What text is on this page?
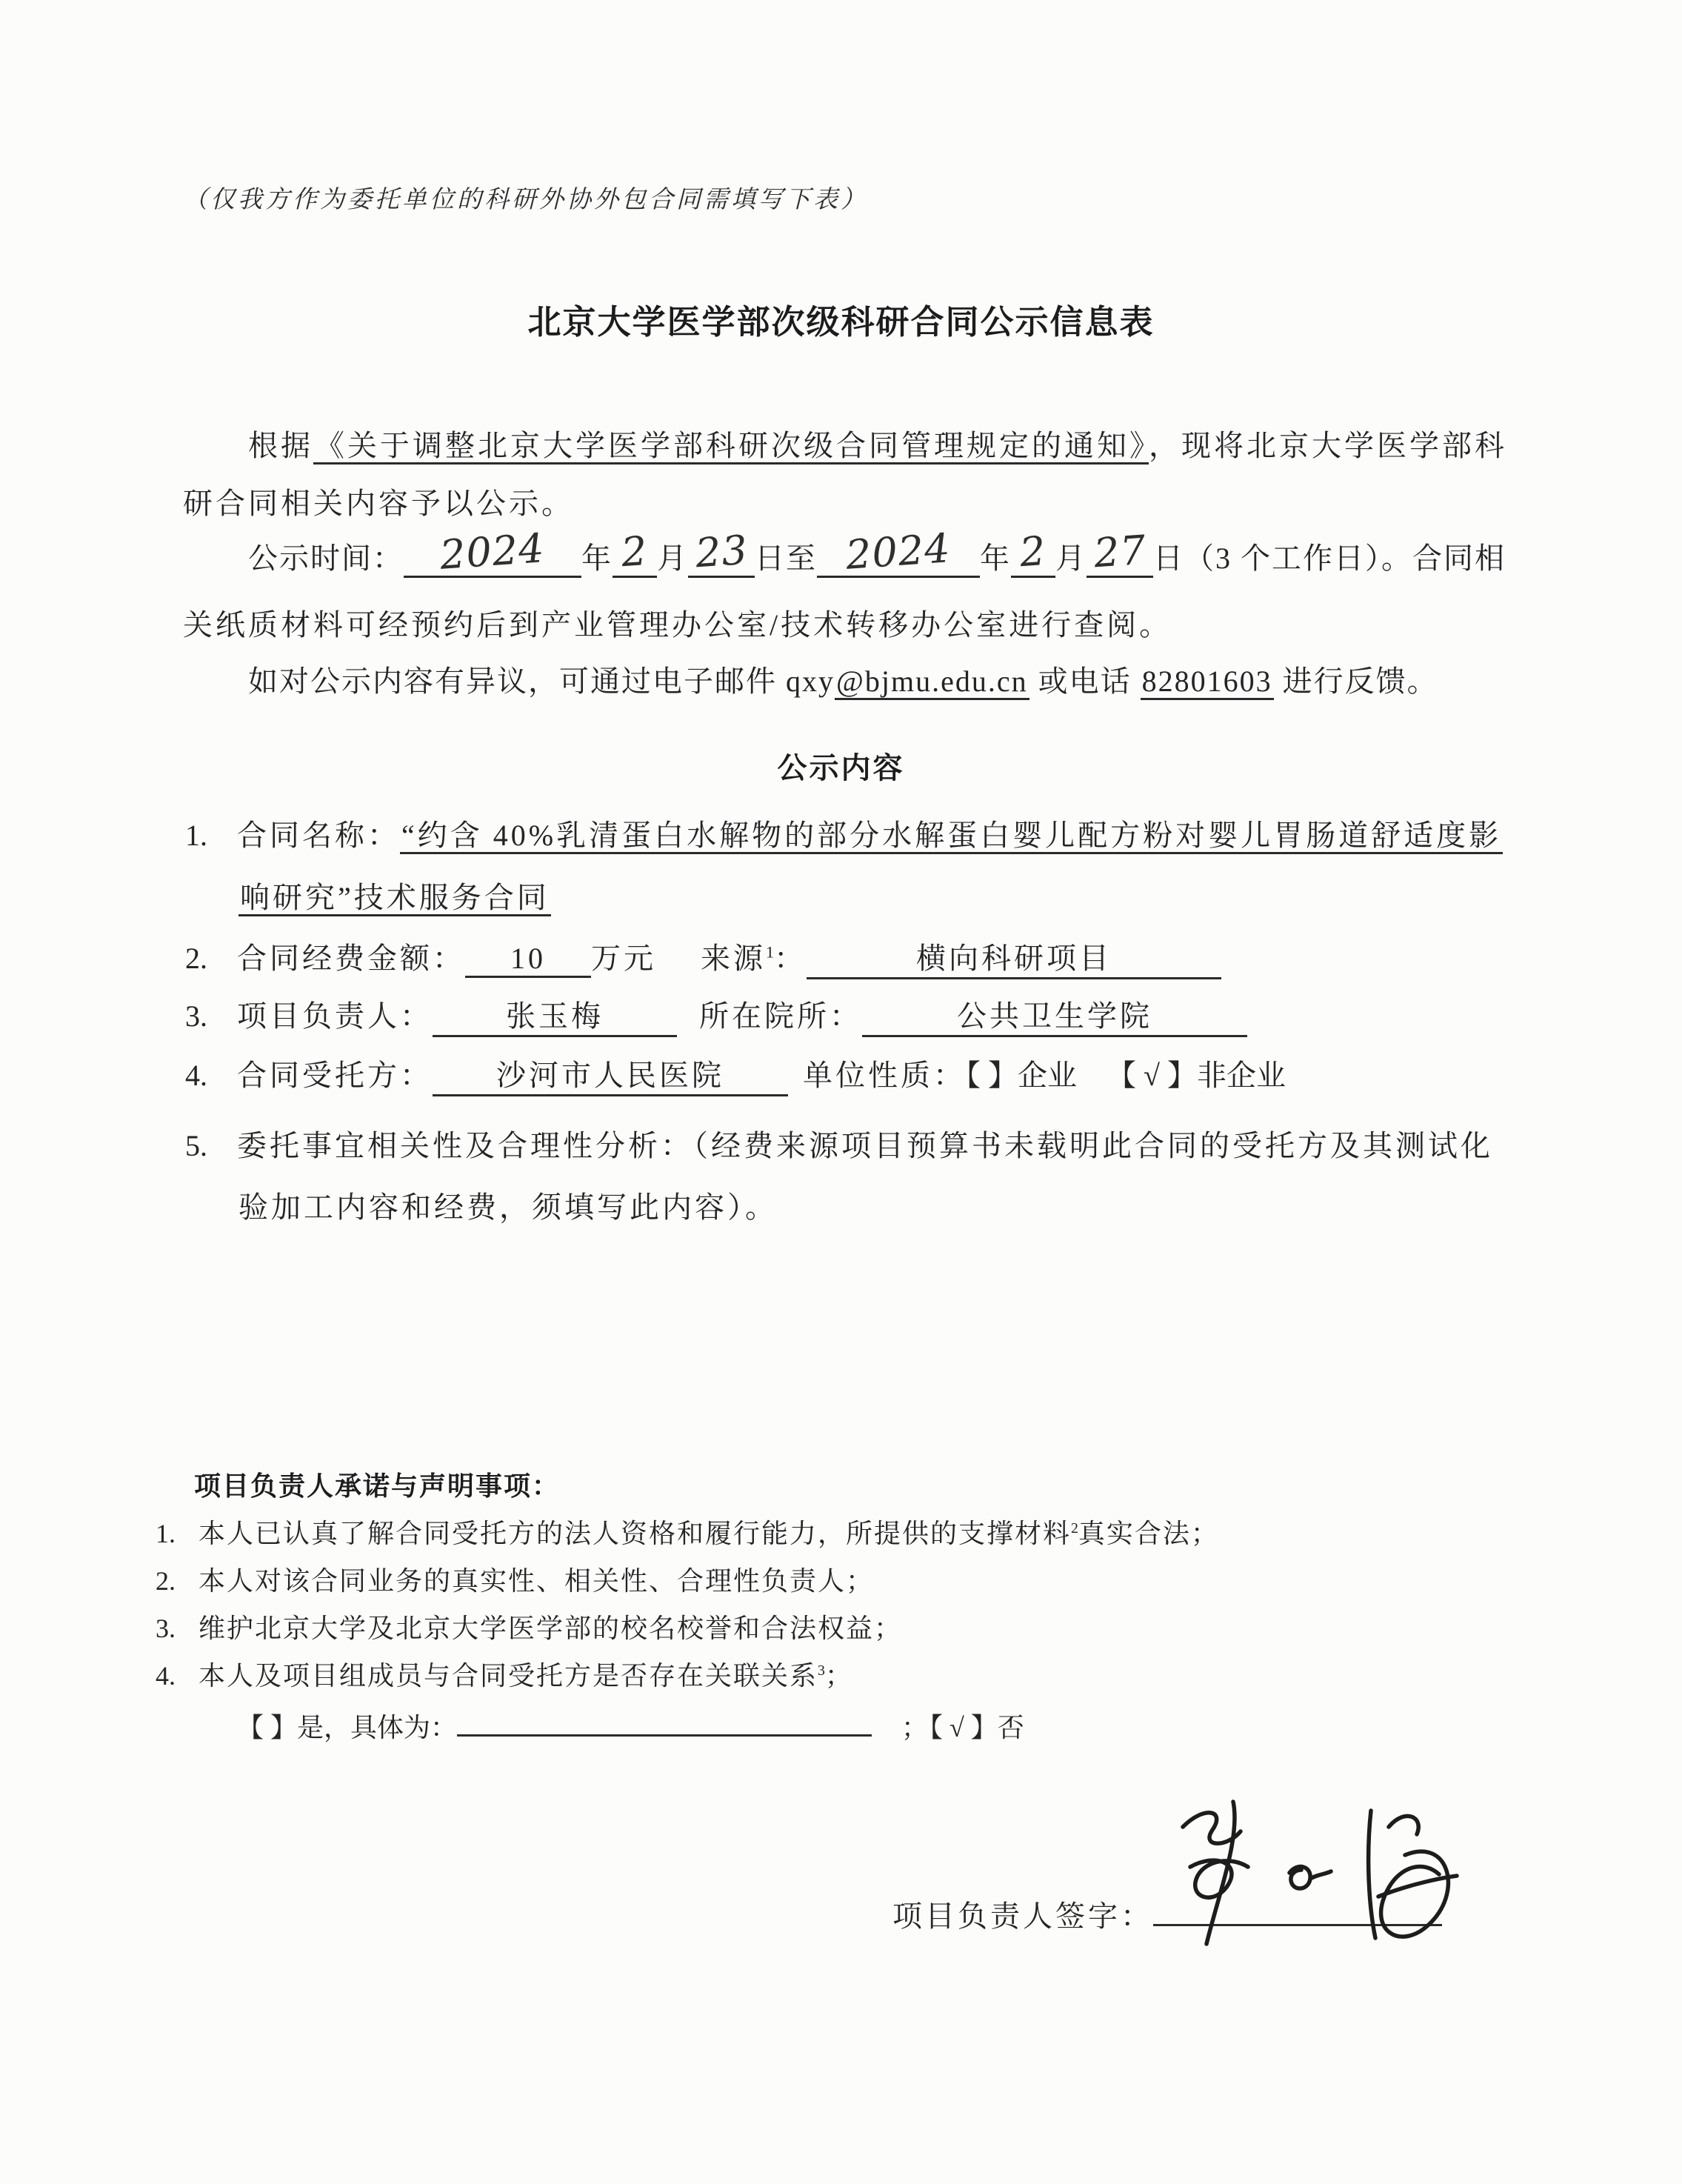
（仅我方作为委托单位的科研外协外包合同需填写下表）
北京大学医学部次级科研合同公示信息表
根据《关于调整北京大学医学部科研次级合同管理规定的通知》，现将北京大学医学部科
研合同相关内容予以公示。
公示时间： 2024 年 2 月 23 日至 2024 年 2 月 27 日（3 个工作日）。合同相
关纸质材料可经预约后到产业管理办公室/技术转移办公室进行查阅。
如对公示内容有异议，可通过电子邮件 qxy@bjmu.edu.cn 或电话 82801603 进行反馈。
公示内容
1. 合同名称：“约含 40%乳清蛋白水解物的部分水解蛋白婴儿配方粉对婴儿胃肠道舒适度影
响研究”技术服务合同
2. 合同经费金额： 10 万元 来源$^1$：	横向科研项目
3. 项目负责人： 张玉梅	所在院所：	公共卫生学院
4. 合同受托方： 沙河市人民医院	单位性质：【 】企业 【 √ 】非企业
5. 委托事宜相关性及合理性分析：（经费来源项目预算书未载明此合同的受托方及其测试化
验加工内容和经费，须填写此内容）。
项目负责人承诺与声明事项：
1. 本人已认真了解合同受托方的法人资格和履行能力，所提供的支撑材料$^2$真实合法；
2. 本人对该合同业务的真实性、相关性、合理性负责人；
3. 维护北京大学及北京大学医学部的校名校誉和合法权益；
4. 本人及项目组成员与合同受托方是否存在关联关系$^3$；
【 】是，具体为：	；【 √ 】否
项目负责人签字：
